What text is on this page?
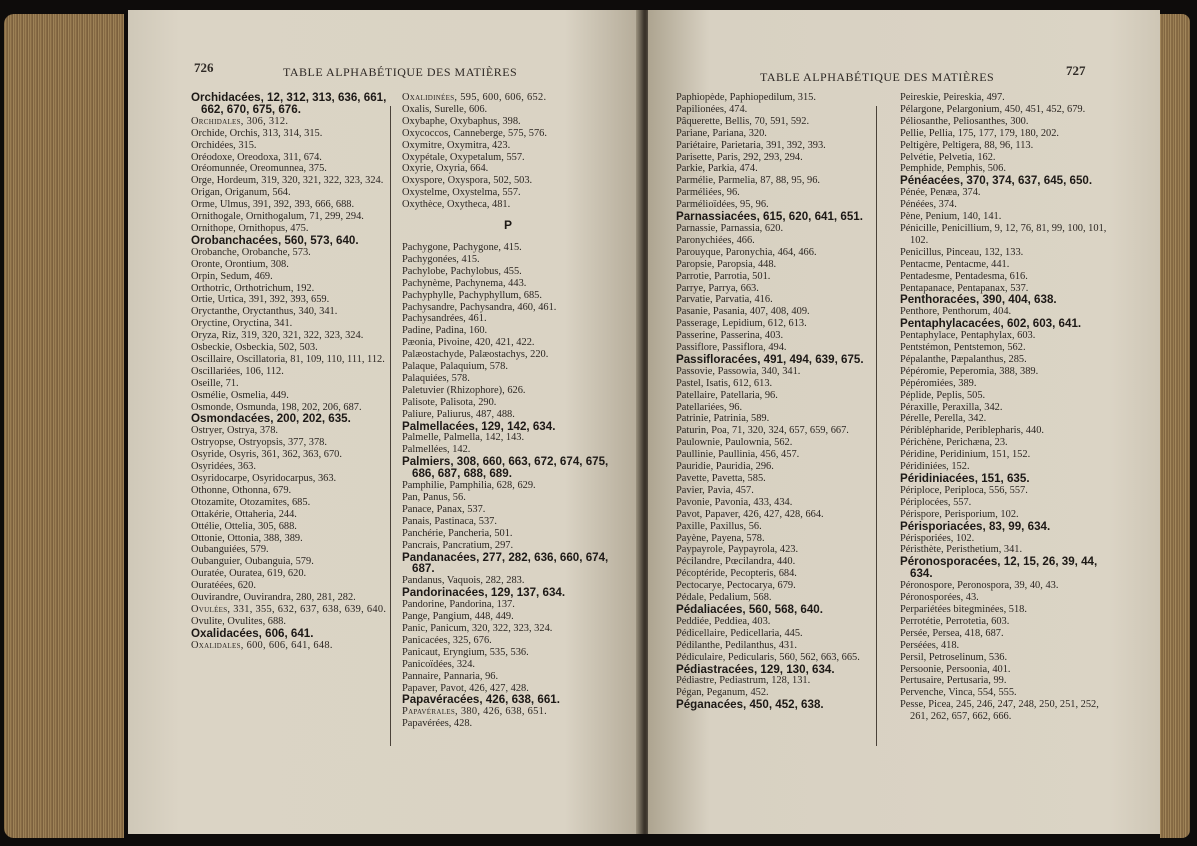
726	TABLE ALPHABÉTIQUE DES MATIÈRES
Orchidacées, 12, 312, 313, 636, 661, 662, 670, 675, 676.
Orchidales, 306, 312.
Orchide, Orchis, 313, 314, 315.
Orchidées, 315.
Oréodoxe, Oreodoxa, 311, 674.
Oréomunnée, Oreomunnea, 375.
Orge, Hordeum, 319, 320, 321, 322, 323, 324.
Origan, Origanum, 564.
Orme, Ulmus, 391, 392, 393, 666, 688.
Ornithogale, Ornithogalum, 71, 299, 294.
Ornithope, Ornithopus, 475.
Orobanchacées, 560, 573, 640.
Orobanche, Orobanche, 573.
Oronte, Orontium, 308.
Orpin, Sedum, 469.
Orthotric, Orthotrichum, 192.
Ortie, Urtica, 391, 392, 393, 659.
Oryctanthe, Oryctanthus, 340, 341.
Oryctine, Oryctina, 341.
Oryza, Riz, 319, 320, 321, 322, 323, 324.
Osbeckie, Osbeckia, 502, 503.
Oscillaire, Oscillatoria, 81, 109, 110, 111, 112.
Oscillariées, 106, 112.
Oseille, 71.
Osmélie, Osmelia, 449.
Osmonde, Osmunda, 198, 202, 206, 687.
Osmondacées, 200, 202, 635.
Ostryer, Ostrya, 378.
Ostryopse, Ostryopsis, 377, 378.
Osyride, Osyris, 361, 362, 363, 670.
Osyridées, 363.
Osyridocarpe, Osyridocarpus, 363.
Othonne, Othonna, 679.
Otozamite, Otozamites, 685.
Ottakérie, Ottaheria, 244.
Ottélie, Ottelia, 305, 688.
Ottonie, Ottonia, 388, 389.
Oubanguiées, 579.
Oubanguier, Oubanguia, 579.
Ouratée, Ouratea, 619, 620.
Ouratéées, 620.
Ouvirandre, Ouvirandra, 280, 281, 282.
Ovulées, 331, 355, 632, 637, 638, 639, 640.
Ovulite, Ovulites, 688.
Oxalidacées, 606, 641.
Oxalidales, 600, 606, 641, 648.
Oxalidinées, 595, 600, 606, 652.
Oxalis, Surelle, 606.
Oxybaphe, Oxybaphus, 398.
Oxycoccos, Canneberge, 575, 576.
Oxymitre, Oxymitra, 423.
Oxypétale, Oxypetalum, 557.
Oxyrie, Oxyria, 664.
Oxyspore, Oxyspora, 502, 503.
Oxystelme, Oxystelma, 557.
Oxythèce, Oxytheca, 481.
P
Pachygone, Pachygone, 415.
Pachygonées, 415.
Pachylobe, Pachylobus, 455.
Pachynème, Pachynema, 443.
Pachyphylle, Pachyphyllum, 685.
Pachysandre, Pachysandra, 460, 461.
Pachysandrées, 461.
Padine, Padina, 160.
Pæonia, Pivoine, 420, 421, 422.
Palæostachyde, Palæostachys, 220.
Palaque, Palaquium, 578.
Palaquiées, 578.
Paletuvier (Rhizophore), 626.
Palisote, Palisota, 290.
Paliure, Paliurus, 487, 488.
Palmellacées, 129, 142, 634.
Palmelle, Palmella, 142, 143.
Palmellées, 142.
Palmiers, 308, 660, 663, 672, 674, 675, 686, 687, 688, 689.
Pamphilie, Pamphilia, 628, 629.
Pan, Panus, 56.
Panace, Panax, 537.
Panais, Pastinaca, 537.
Panchérie, Pancheria, 501.
Pancrais, Pancratium, 297.
Pandanacées, 277, 282, 636, 660, 674, 687.
Pandanus, Vaquois, 282, 283.
Pandorinacées, 129, 137, 634.
Pandorine, Pandorina, 137.
Pange, Pangium, 448, 449.
Panic, Panicum, 320, 322, 323, 324.
Panicacées, 325, 676.
Panicaut, Eryngium, 535, 536.
Panicoïdées, 324.
Pannaire, Pannaria, 96.
Papaver, Pavot, 426, 427, 428.
Papavéracées, 426, 638, 661.
Papavérales, 380, 426, 638, 651.
Papavérées, 428.
TABLE ALPHABÉTIQUE DES MATIÈRES	727
Paphiopède, Paphiopedilum, 315.
Papilionées, 474.
Pâquerette, Bellis, 70, 591, 592.
Pariane, Pariana, 320.
Pariétaire, Parietaria, 391, 392, 393.
Parisette, Paris, 292, 293, 294.
Parkie, Parkia, 474.
Parmélie, Parmelia, 87, 88, 95, 96.
Parméliées, 96.
Parmélioïdées, 95, 96.
Parnassiacées, 615, 620, 641, 651.
Parnassie, Parnassia, 620.
Paronychiées, 466.
Parouyque, Paronychia, 464, 466.
Paropsie, Paropsia, 448.
Parrotie, Parrotia, 501.
Parrye, Parrya, 663.
Parvatie, Parvatia, 416.
Pasanie, Pasania, 407, 408, 409.
Passerage, Lepidium, 612, 613.
Passerine, Passerina, 403.
Passiflore, Passiflora, 494.
Passifloracées, 491, 494, 639, 675.
Passovie, Passowia, 340, 341.
Pastel, Isatis, 612, 613.
Patellaire, Patellaria, 96.
Patellariées, 96.
Patrinie, Patrinia, 589.
Paturin, Poa, 71, 320, 324, 657, 659, 667.
Paulownie, Paulownia, 562.
Paullinie, Paullinia, 456, 457.
Pauridie, Pauridia, 296.
Pavette, Pavetta, 585.
Pavier, Pavia, 457.
Pavonie, Pavonia, 433, 434.
Pavot, Papaver, 426, 427, 428, 664.
Paxille, Paxillus, 56.
Payène, Payena, 578.
Paypayrole, Paypayrola, 423.
Pécilandre, Pœcilandra, 440.
Pécoptéride, Pecopteris, 684.
Pectocarye, Pectocarya, 679.
Pédale, Pedalium, 568.
Pédaliacées, 560, 568, 640.
Peddiée, Peddiea, 403.
Pédicellaire, Pedicellaria, 445.
Pédilanthe, Pedilanthus, 431.
Pédiculaire, Pedicularis, 560, 562, 663, 665.
Pédiastracées, 129, 130, 634.
Pédiastre, Pediastrum, 128, 131.
Pégan, Peganum, 452.
Péganacées, 450, 452, 638.
Peireskie, Peireskia, 497.
Pélargone, Pelargonium, 450, 451, 452, 679.
Péliosanthe, Peliosanthes, 300.
Pellie, Pellia, 175, 177, 179, 180, 202.
Peltigère, Peltigera, 88, 96, 113.
Pelvétie, Pelvetia, 162.
Pemphide, Pemphis, 506.
Pénéacées, 370, 374, 637, 645, 650.
Pénée, Penæa, 374.
Pénéées, 374.
Pène, Penium, 140, 141.
Pénicille, Penicillium, 9, 12, 76, 81, 99, 100, 101, 102.
Penicillus, Pinceau, 132, 133.
Pentacme, Pentacme, 441.
Pentadesme, Pentadesma, 616.
Pentapanace, Pentapanax, 537.
Penthoracées, 390, 404, 638.
Penthore, Penthorum, 404.
Pentaphylacacées, 602, 603, 641.
Pentaphylace, Pentaphylax, 603.
Pentstémon, Pentstemon, 562.
Pépalanthe, Pæpalanthus, 285.
Pépéromie, Peperomia, 388, 389.
Pépéromiées, 389.
Péplide, Peplis, 505.
Péraxille, Peraxilla, 342.
Pérelle, Perella, 342.
Périblépharide, Periblepharis, 440.
Périchène, Perichæna, 23.
Péridine, Peridinium, 151, 152.
Péridiniées, 152.
Péridiniacées, 151, 635.
Périploce, Periploca, 556, 557.
Périplocées, 557.
Périspore, Perisporium, 102.
Périsporiacées, 83, 99, 634.
Périsporiées, 102.
Péristhète, Peristhetium, 341.
Péronosporacées, 12, 15, 26, 39, 44, 634.
Péronospore, Peronospora, 39, 40, 43.
Péronosporées, 43.
Perpariétées bitegminées, 518.
Perrotétie, Perrotetia, 603.
Persée, Persea, 418, 687.
Perséées, 418.
Persil, Petroselinum, 536.
Persoonie, Persoonia, 401.
Pertusaire, Pertusaria, 99.
Pervenche, Vinca, 554, 555.
Pesse, Picea, 245, 246, 247, 248, 250, 251, 252, 261, 262, 657, 662, 666.
